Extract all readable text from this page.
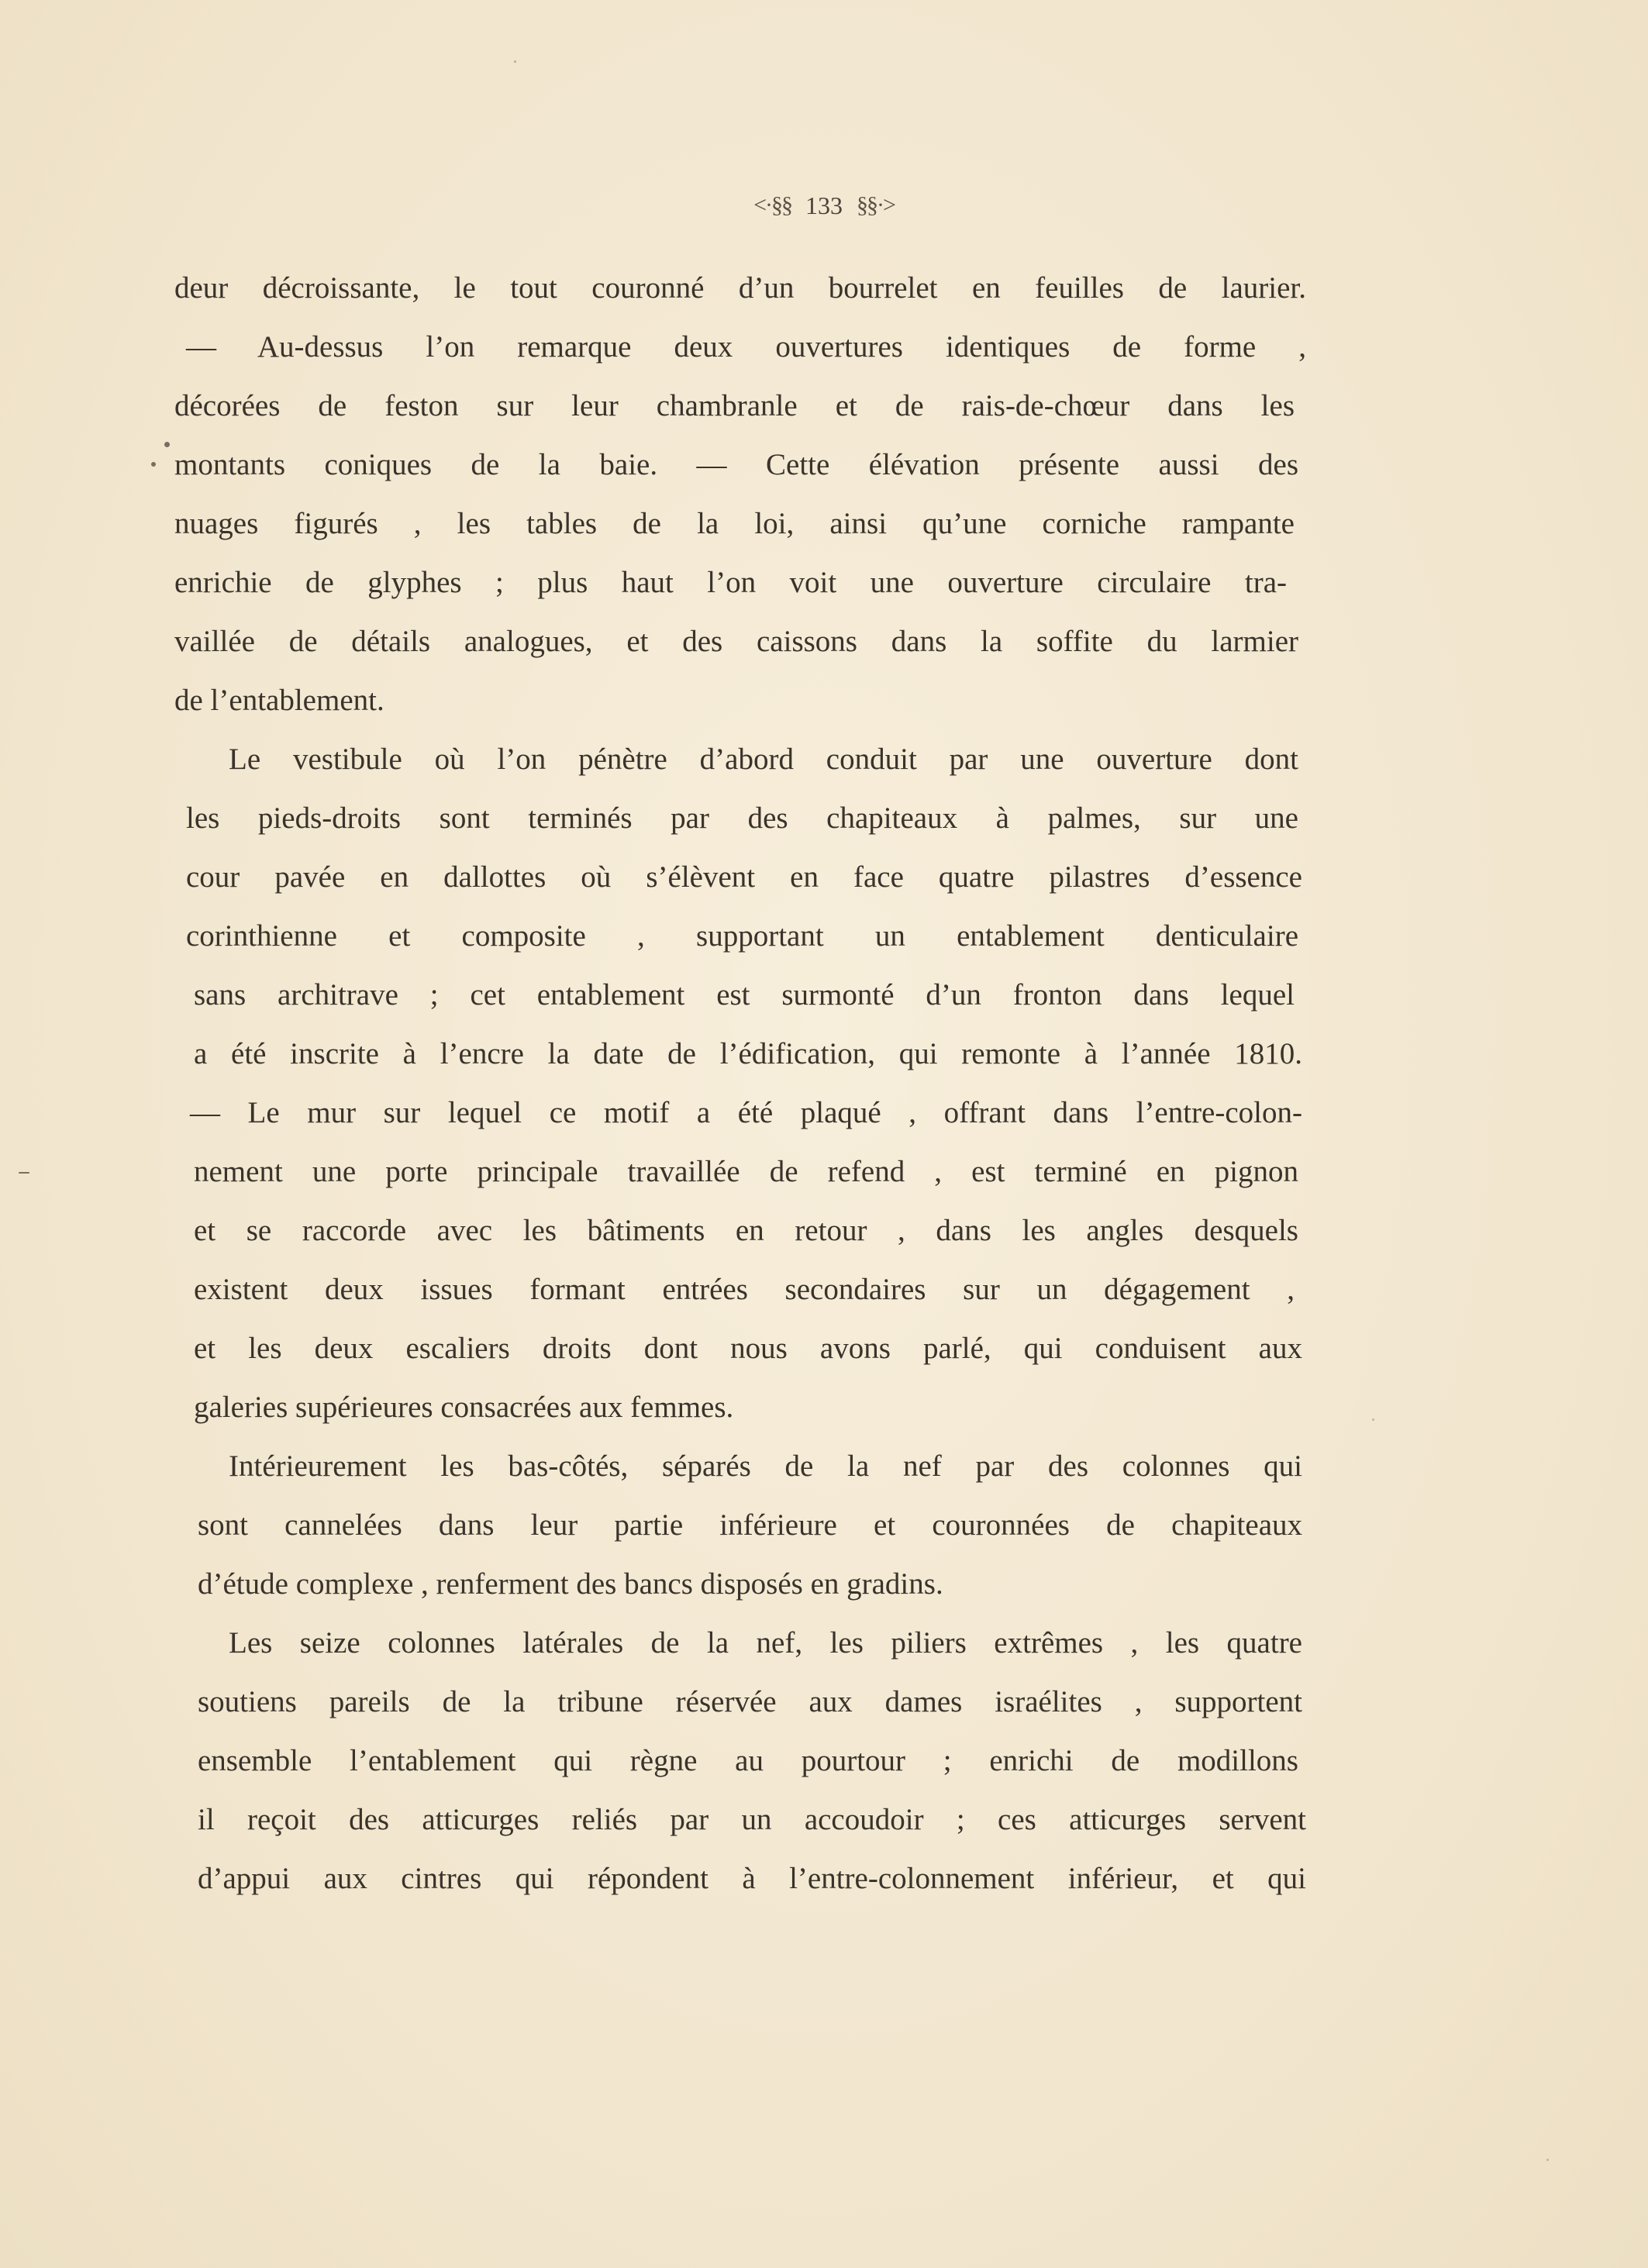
<·§§ 133 §§·>
deur décroissante, le tout couronné d’un bourrelet en feuilles de laurier.
— Au-dessus l’on remarque deux ouvertures identiques de forme ,
décorées de feston sur leur chambranle et de rais-de-chœur dans les
montants coniques de la baie. — Cette élévation présente aussi des
nuages figurés , les tables de la loi, ainsi qu’une corniche rampante
enrichie de glyphes ; plus haut l’on voit une ouverture circulaire tra-
vaillée de détails analogues, et des caissons dans la soffite du larmier
de l’entablement.
Le vestibule où l’on pénètre d’abord conduit par une ouverture dont
les pieds-droits sont terminés par des chapiteaux à palmes, sur une
cour pavée en dallottes où s’élèvent en face quatre pilastres d’essence
corinthienne et composite , supportant un entablement denticulaire
sans architrave ; cet entablement est surmonté d’un fronton dans lequel
a été inscrite à l’encre la date de l’édification, qui remonte à l’année 1810.
— Le mur sur lequel ce motif a été plaqué , offrant dans l’entre-colon-
nement une porte principale travaillée de refend , est terminé en pignon
et se raccorde avec les bâtiments en retour , dans les angles desquels
existent deux issues formant entrées secondaires sur un dégagement ,
et les deux escaliers droits dont nous avons parlé, qui conduisent aux
galeries supérieures consacrées aux femmes.
Intérieurement les bas-côtés, séparés de la nef par des colonnes qui
sont cannelées dans leur partie inférieure et couronnées de chapiteaux
d’étude complexe , renferment des bancs disposés en gradins.
Les seize colonnes latérales de la nef, les piliers extrêmes , les quatre
soutiens pareils de la tribune réservée aux dames israélites , supportent
ensemble l’entablement qui règne au pourtour ; enrichi de modillons
il reçoit des atticurges reliés par un accoudoir ; ces atticurges servent
d’appui aux cintres qui répondent à l’entre-colonnement inférieur, et qui
